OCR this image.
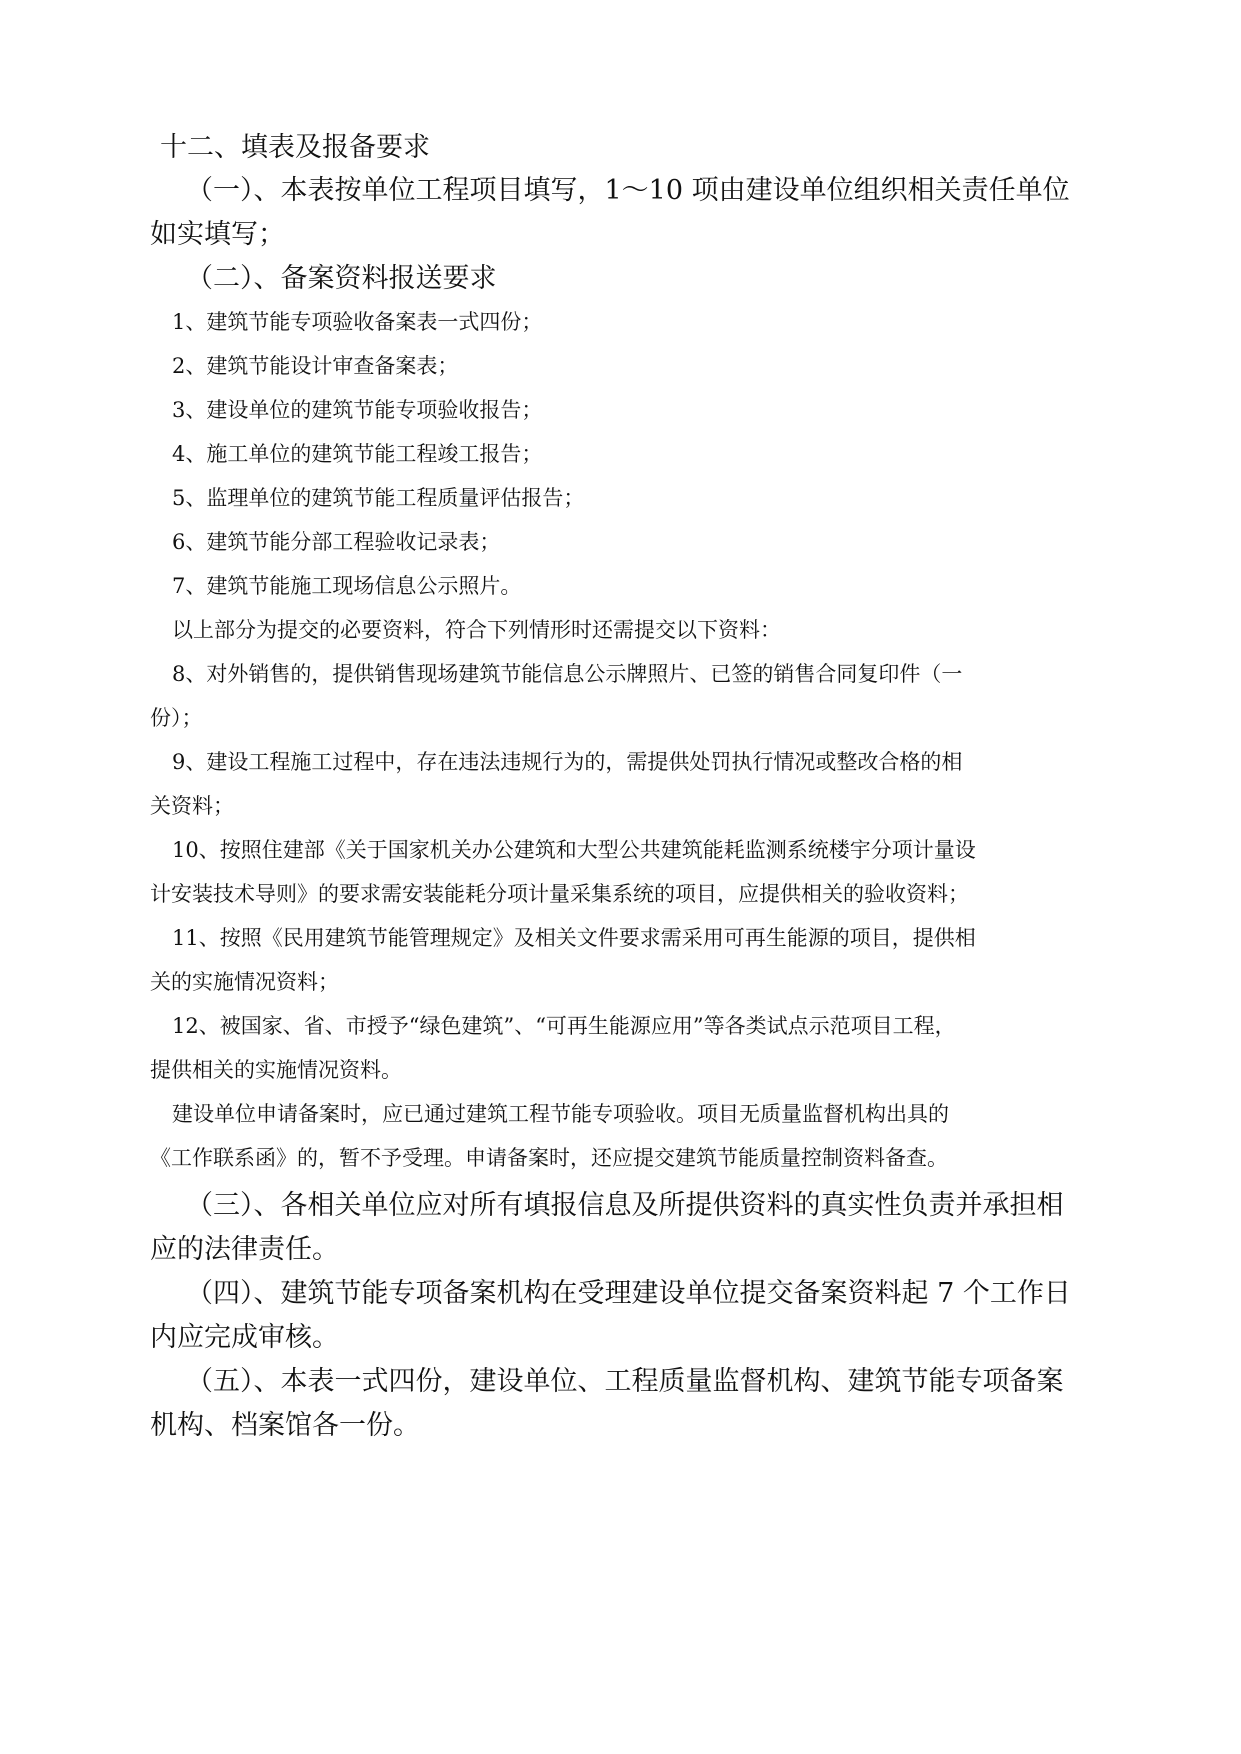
十二、填表及报备要求

（一）、本表按单位工程项目填写，1～10 项由建设单位组织相关责任单位

如实填写；

（二）、备案资料报送要求

1、建筑节能专项验收备案表一式四份；

2、建筑节能设计审查备案表；

3、建设单位的建筑节能专项验收报告；

4、施工单位的建筑节能工程竣工报告；

5、监理单位的建筑节能工程质量评估报告；

6、建筑节能分部工程验收记录表；

7、建筑节能施工现场信息公示照片。

以上部分为提交的必要资料，符合下列情形时还需提交以下资料：

8、对外销售的，提供销售现场建筑节能信息公示牌照片、已签的销售合同复印件（一

份）；

9、建设工程施工过程中，存在违法违规行为的，需提供处罚执行情况或整改合格的相

关资料；

10、按照住建部《关于国家机关办公建筑和大型公共建筑能耗监测系统楼宇分项计量设

计安装技术导则》的要求需安装能耗分项计量采集系统的项目，应提供相关的验收资料；

11、按照《民用建筑节能管理规定》及相关文件要求需采用可再生能源的项目，提供相

关的实施情况资料；

12、被国家、省、市授予“绿色建筑”、“可再生能源应用”等各类试点示范项目工程，

提供相关的实施情况资料。

建设单位申请备案时，应已通过建筑工程节能专项验收。项目无质量监督机构出具的

《工作联系函》的，暂不予受理。申请备案时，还应提交建筑节能质量控制资料备查。

（三）、各相关单位应对所有填报信息及所提供资料的真实性负责并承担相

应的法律责任。

（四）、建筑节能专项备案机构在受理建设单位提交备案资料起 7 个工作日

内应完成审核。

（五）、本表一式四份，建设单位、工程质量监督机构、建筑节能专项备案

机构、档案馆各一份。
